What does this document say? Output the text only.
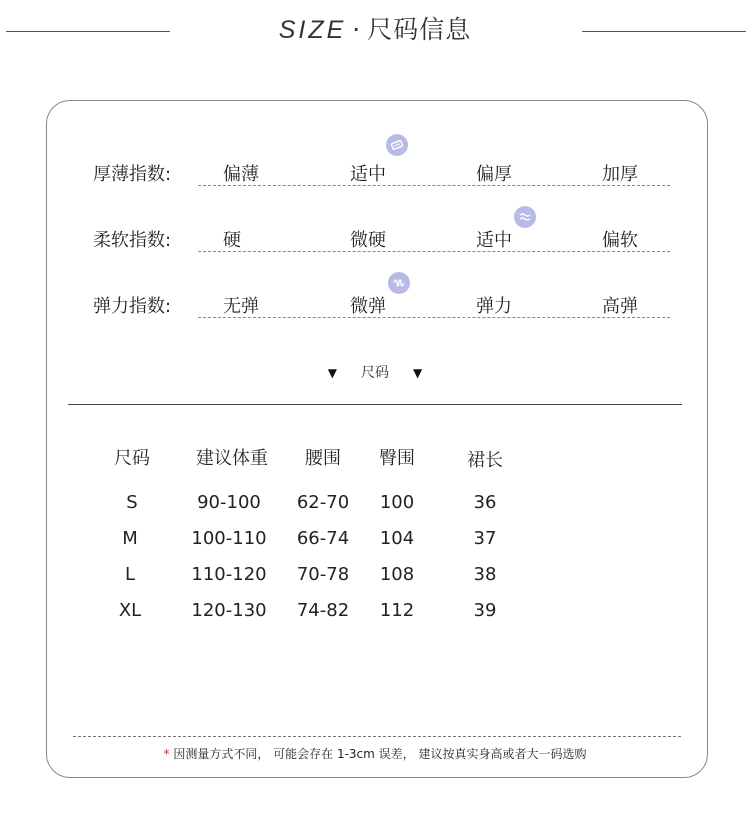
SIZE · 尺码信息
厚薄指数:	偏薄	适中	偏厚	加厚
柔软指数:	硬	微硬	适中	偏软
弹力指数:	无弹	微弹	弹力	高弹
▼ 尺码 ▼
尺码	建议体重	腰围	臀围	裙长
S	90-100	62-70	100	36
M	100-110	66-74	104	37
L	110-120	70-78	108	38
XL	120-130	74-82	112	39
* 因测量方式不同， 可能会存在 1-3cm 误差， 建议按真实身高或者大一码选购
